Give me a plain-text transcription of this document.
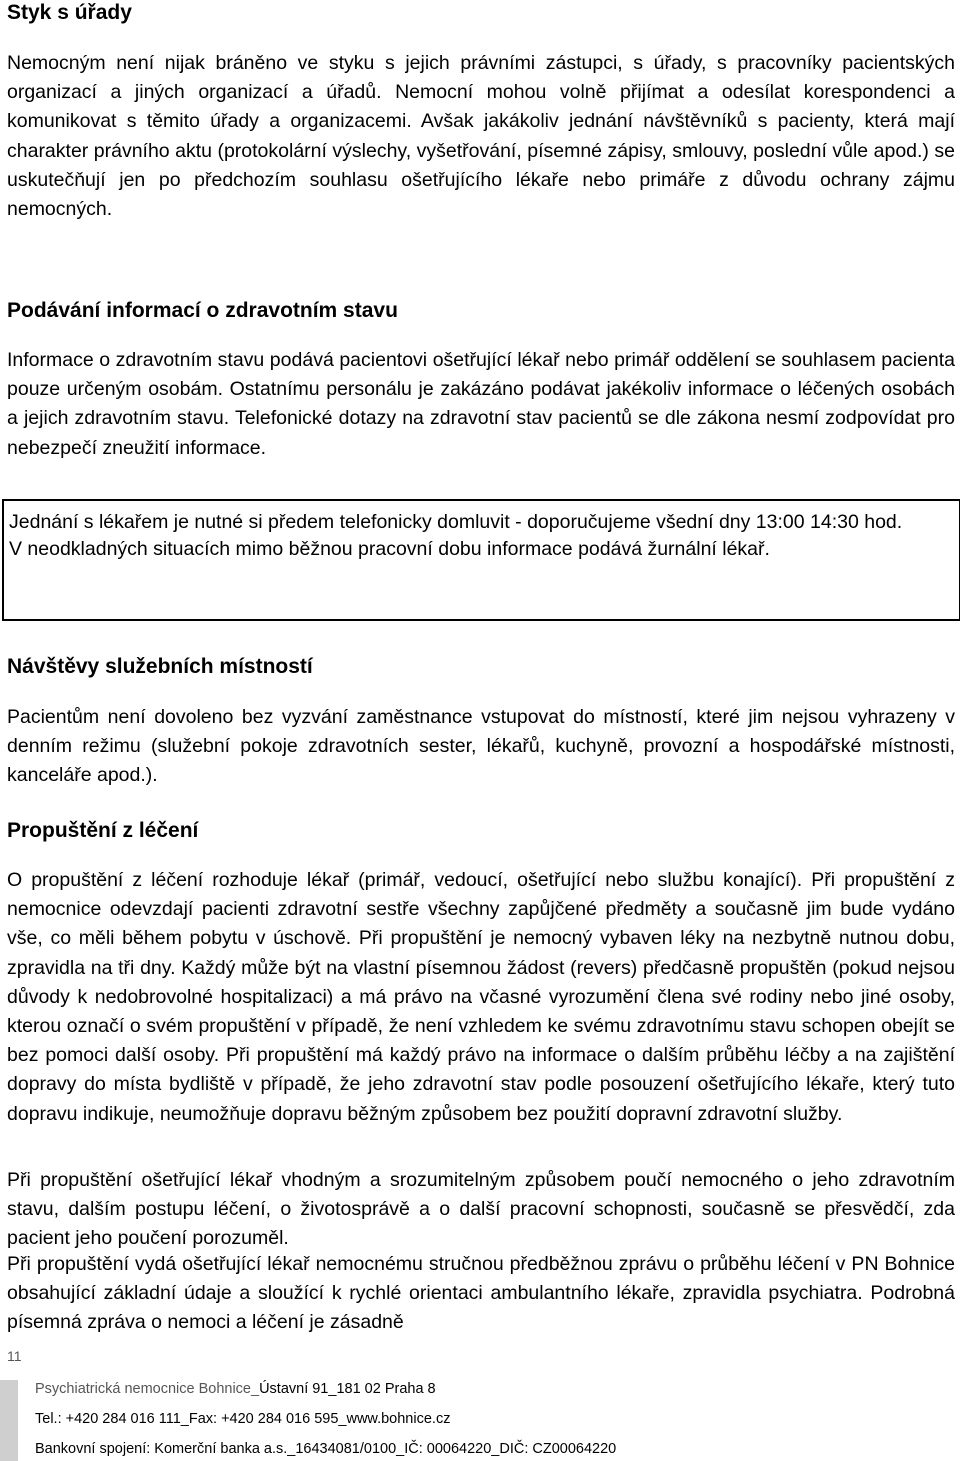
Styk s úřady

Nemocným není nijak bráněno ve styku s jejich právními zástupci, s úřady, s pracovníky pacientských organizací a jiných organizací a úřadů. Nemocní mohou volně přijímat a odesílat korespondenci a komunikovat s těmito úřady a organizacemi. Avšak jakákoliv jednání návštěvníků s pacienty, která mají charakter právního aktu (protokolární výslechy, vyšetřování, písemné zápisy, smlouvy, poslední vůle apod.) se uskutečňují jen po předchozím souhlasu ošetřujícího lékaře nebo primáře z důvodu ochrany zájmu nemocných.

Podávání informací o zdravotním stavu

Informace o zdravotním stavu podává pacientovi ošetřující lékař nebo primář oddělení se souhlasem pacienta pouze určeným osobám. Ostatnímu personálu je zakázáno podávat jakékoliv informace o léčených osobách a jejich zdravotním stavu. Telefonické dotazy na zdravotní stav pacientů se dle zákona nesmí zodpovídat pro nebezpečí zneužití informace.

Jednání s lékařem je nutné si předem telefonicky domluvit - doporučujeme všední dny 13:00 14:30 hod.

V neodkladných situacích mimo běžnou pracovní dobu informace podává žurnální lékař.

Návštěvy služebních místností

Pacientům není dovoleno bez vyzvání zaměstnance vstupovat do místností, které jim nejsou vyhrazeny v denním režimu (služební pokoje zdravotních sester, lékařů, kuchyně, provozní a hospodářské místnosti, kanceláře apod.).

Propuštění z léčení

O propuštění z léčení rozhoduje lékař (primář, vedoucí, ošetřující nebo službu konající). Při propuštění z nemocnice odevzdají pacienti zdravotní sestře všechny zapůjčené předměty a současně jim bude vydáno vše, co měli během pobytu v úschově. Při propuštění je nemocný vybaven léky na nezbytně nutnou dobu, zpravidla na tři dny. Každý může být na vlastní písemnou žádost (revers) předčasně propuštěn (pokud nejsou důvody k nedobrovolné hospitalizaci) a má právo na včasné vyrozumění člena své rodiny nebo jiné osoby, kterou označí o svém propuštění v případě, že není vzhledem ke svému zdravotnímu stavu schopen obejít se bez pomoci další osoby. Při propuštění má každý právo na informace o dalším průběhu léčby a na zajištění dopravy do místa bydliště v případě, že jeho zdravotní stav podle posouzení ošetřujícího lékaře, který tuto dopravu indikuje, neumožňuje dopravu běžným způsobem bez použití dopravní zdravotní služby.

Při propuštění ošetřující lékař vhodným a srozumitelným způsobem poučí nemocného o jeho zdravotním stavu, dalším postupu léčení, o životosprávě a o další pracovní schopnosti, současně se přesvědčí, zda pacient jeho poučení porozuměl.

Při propuštění vydá ošetřující lékař nemocnému stručnou předběžnou zprávu o průběhu léčení v PN Bohnice obsahující základní údaje a sloužící k rychlé orientaci ambulantního lékaře, zpravidla psychiatra. Podrobná písemná zpráva o nemoci a léčení je zásadně

11
Psychiatrická nemocnice Bohnice_Ústavní 91_181 02 Praha 8
Tel.: +420 284 016 111_Fax: +420 284 016 595_www.bohnice.cz
Bankovní spojení: Komerční banka a.s._16434081/0100_IČ: 00064220_DIČ: CZ00064220
